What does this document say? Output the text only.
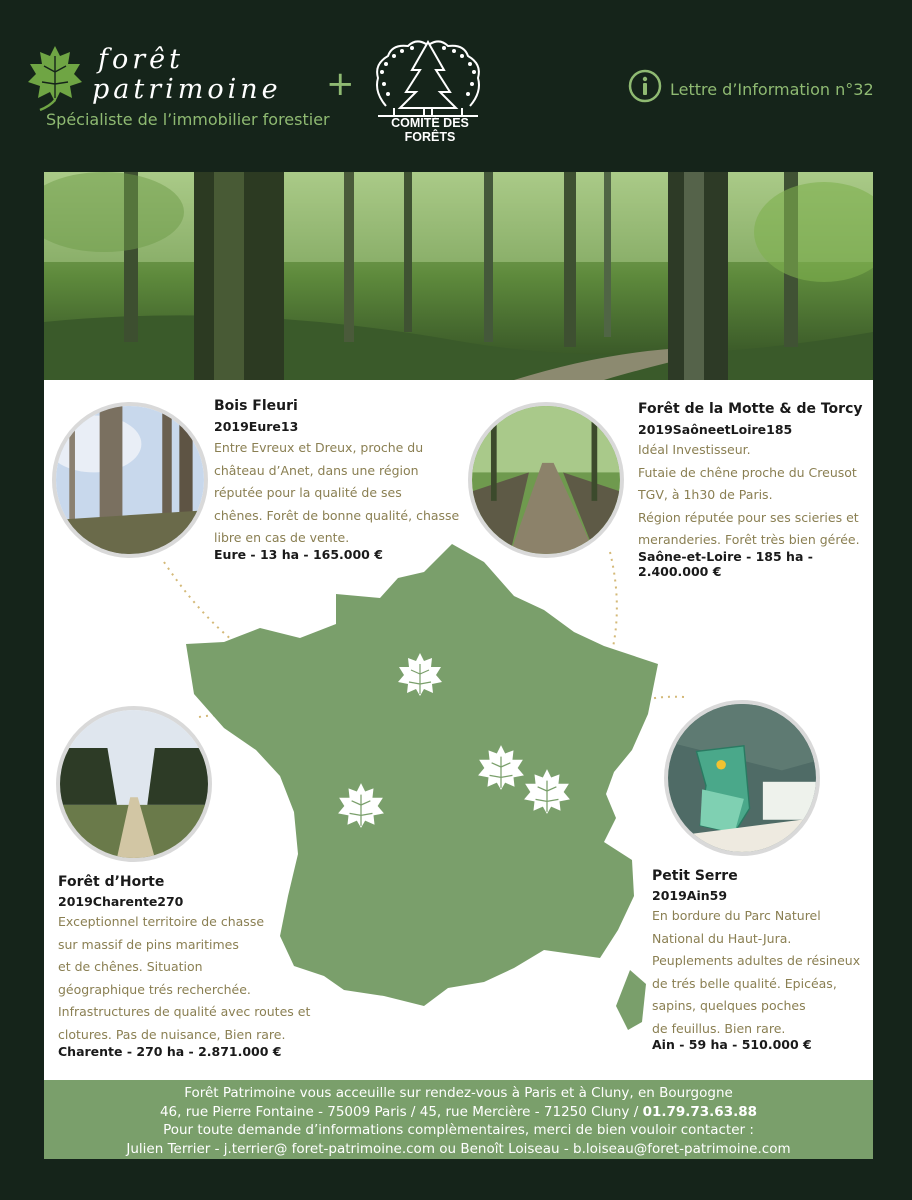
forêt
patrimoine
Spécialiste de l’immobilier forestier
+
COMITÉ DES FORÊTS
Lettre d’Information n°32
Bois Fleuri
2019Eure13
Entre Evreux et Dreux, proche du
château d’Anet, dans une région
réputée pour la qualité de ses
chênes. Forêt de bonne qualité, chasse
libre en cas de vente.
Eure - 13 ha - 165.000 €
Forêt de la Motte & de Torcy
2019SaôneetLoire185
Idéal Investisseur.
Futaie de chêne proche du Creusot
TGV, à 1h30 de Paris.
Région réputée pour ses scieries et
meranderies. Forêt très bien gérée.
Saône-et-Loire - 185 ha - 2.400.000 €
Forêt d’Horte
2019Charente270
Exceptionnel territoire de chasse
sur massif de pins maritimes
et de chênes. Situation
géographique trés recherchée.
Infrastructures de qualité avec routes et
clotures. Pas de nuisance, Bien rare.
Charente - 270 ha - 2.871.000 €
Petit Serre
2019Ain59
En bordure du Parc Naturel
National du Haut-Jura.
Peuplements adultes de résineux
de trés belle qualité. Epicéas,
sapins, quelques poches
de feuillus. Bien rare.
Ain - 59 ha - 510.000 €
Forêt Patrimoine vous acceuille sur rendez-vous à Paris et à Cluny, en Bourgogne
46, rue Pierre Fontaine - 75009 Paris / 45, rue Mercière - 71250 Cluny / 01.79.73.63.88
Pour toute demande d’informations complèmentaires, merci de bien vouloir contacter :
Julien Terrier - j.terrier@ foret-patrimoine.com ou Benoît Loiseau - b.loiseau@foret-patrimoine.com
